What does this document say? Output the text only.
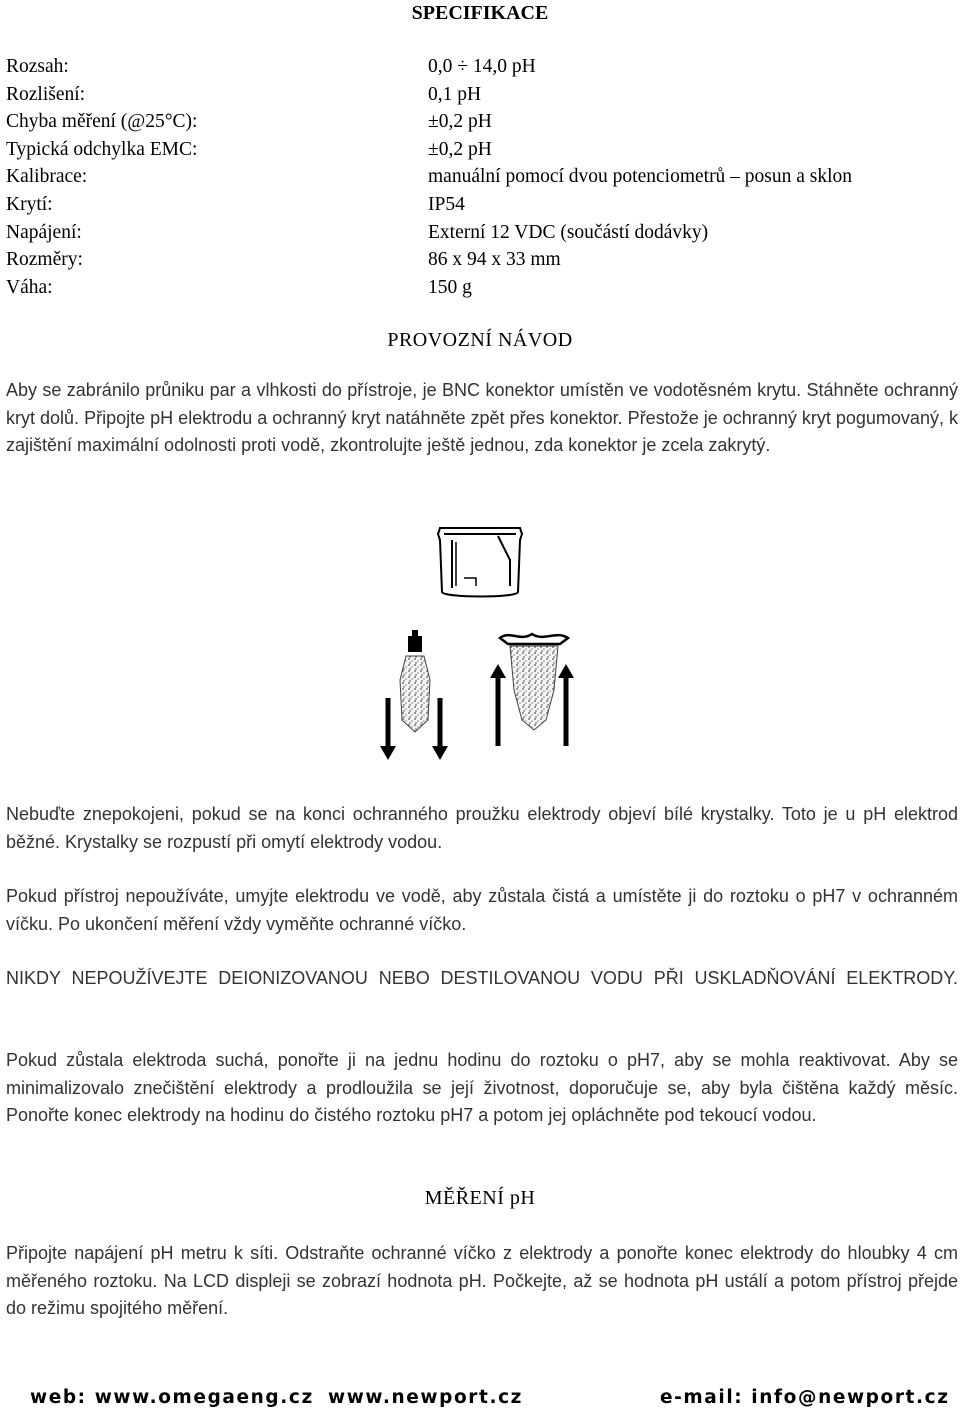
SPECIFIKACE
Rozsah:	0,0 ÷ 14,0 pH
Rozlišení:	0,1 pH
Chyba měření (@25°C):	±0,2 pH
Typická odchylka EMC:	±0,2 pH
Kalibrace:	manuální pomocí dvou potenciometrů – posun a sklon
Krytí:	IP54
Napájení:	Externí 12 VDC (součástí dodávky)
Rozměry:	86 x 94 x 33 mm
Váha:	150 g
PROVOZNÍ NÁVOD
Aby se zabránilo průniku par a vlhkosti do přístroje, je BNC konektor umístěn ve vodotěsném krytu. Stáhněte ochranný kryt dolů. Připojte pH elektrodu a ochranný kryt natáhněte zpět přes konektor. Přestože je ochranný kryt pogumovaný, k zajištění maximální odolnosti proti vodě, zkontrolujte ještě jednou, zda konektor je zcela zakrytý.
Nebuďte znepokojeni, pokud se na konci ochranného proužku elektrody objeví bílé krystalky. Toto je u pH elektrod běžné. Krystalky se rozpustí při omytí elektrody vodou.
Pokud přístroj nepoužíváte, umyjte elektrodu ve vodě, aby zůstala čistá a umístěte ji do roztoku o pH7 v ochranném víčku. Po ukončení měření vždy vyměňte ochranné víčko.
NIKDY NEPOUŽÍVEJTE DEIONIZOVANOU NEBO DESTILOVANOU VODU PŘI USKLADŇOVÁNÍ ELEKTRODY.
Pokud zůstala elektroda suchá, ponořte ji na jednu hodinu do roztoku o pH7, aby se mohla reaktivovat. Aby se minimalizovalo znečištění elektrody a prodloužila se její životnost, doporučuje se, aby byla čištěna každý měsíc. Ponořte konec elektrody na hodinu do čistého roztoku pH7 a potom jej opláchněte pod tekoucí vodou.
MĚŘENÍ pH
Připojte napájení pH metru k síti. Odstraňte ochranné víčko z elektrody a ponořte konec elektrody do hloubky 4 cm měřeného roztoku. Na LCD displeji se zobrazí hodnota pH. Počkejte, až se hodnota pH ustálí a potom přístroj přejde do režimu spojitého měření.
web: www.omegaeng.cz www.newport.cz	e-mail: info@newport.cz
